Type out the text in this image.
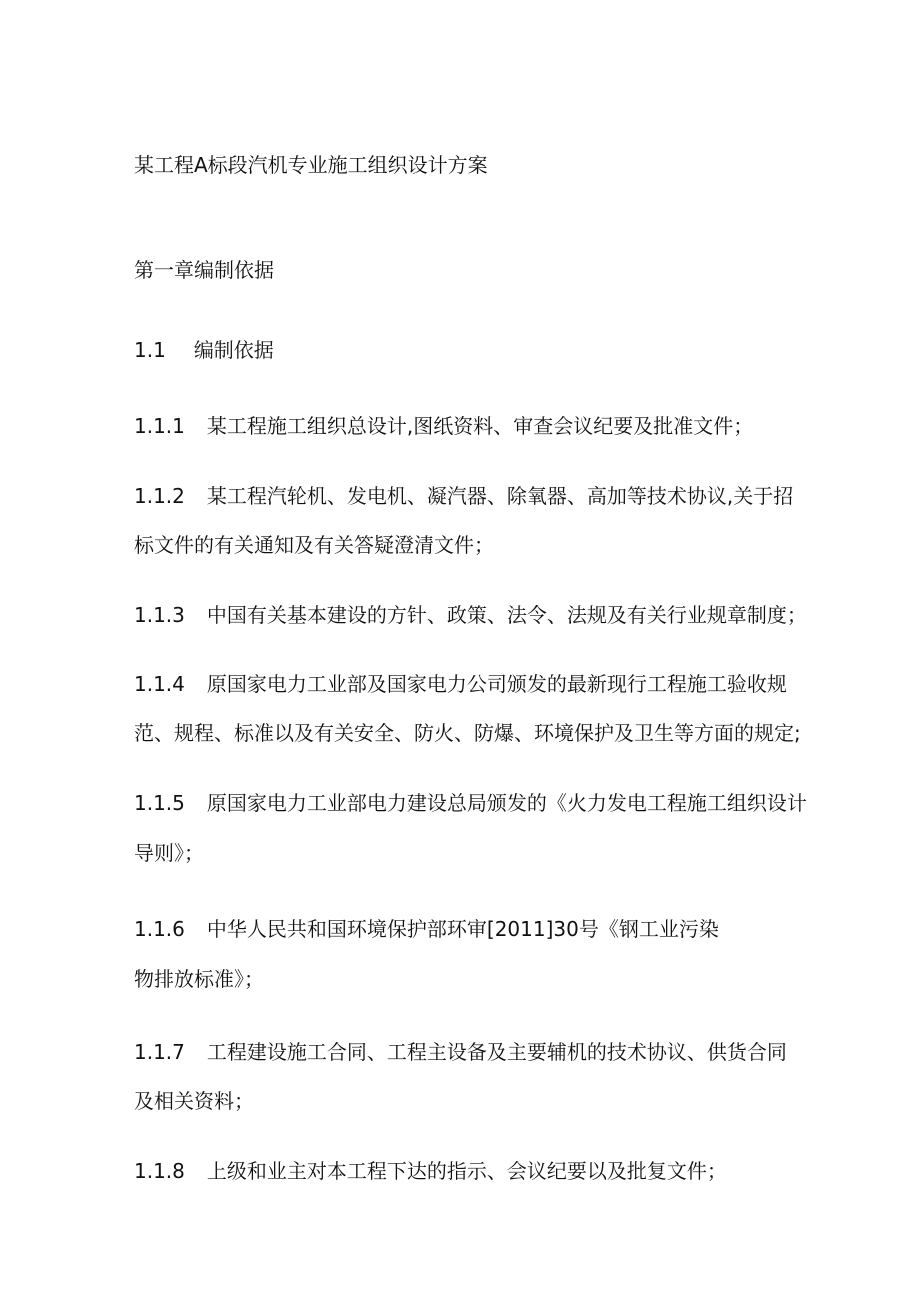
某工程A标段汽机专业施工组织设计方案
第一章编制依据
1.1 编制依据
1.1.1 某工程施工组织总设计,图纸资料、审查会议纪要及批准文件；
1.1.2 某工程汽轮机、发电机、凝汽器、除氧器、高加等技术协议,关于招
标文件的有关通知及有关答疑澄清文件；
1.1.3 中国有关基本建设的方针、政策、法令、法规及有关行业规章制度；
1.1.4 原国家电力工业部及国家电力公司颁发的最新现行工程施工验收规
范、规程、标准以及有关安全、防火、防爆、环境保护及卫生等方面的规定;
1.1.5 原国家电力工业部电力建设总局颁发的《火力发电工程施工组织设计
导则》；
1.1.6 中华人民共和国环境保护部环审[2011]30号《钢工业污染
物排放标准》；
1.1.7 工程建设施工合同、工程主设备及主要辅机的技术协议、供货合同
及相关资料；
1.1.8 上级和业主对本工程下达的指示、会议纪要以及批复文件；
